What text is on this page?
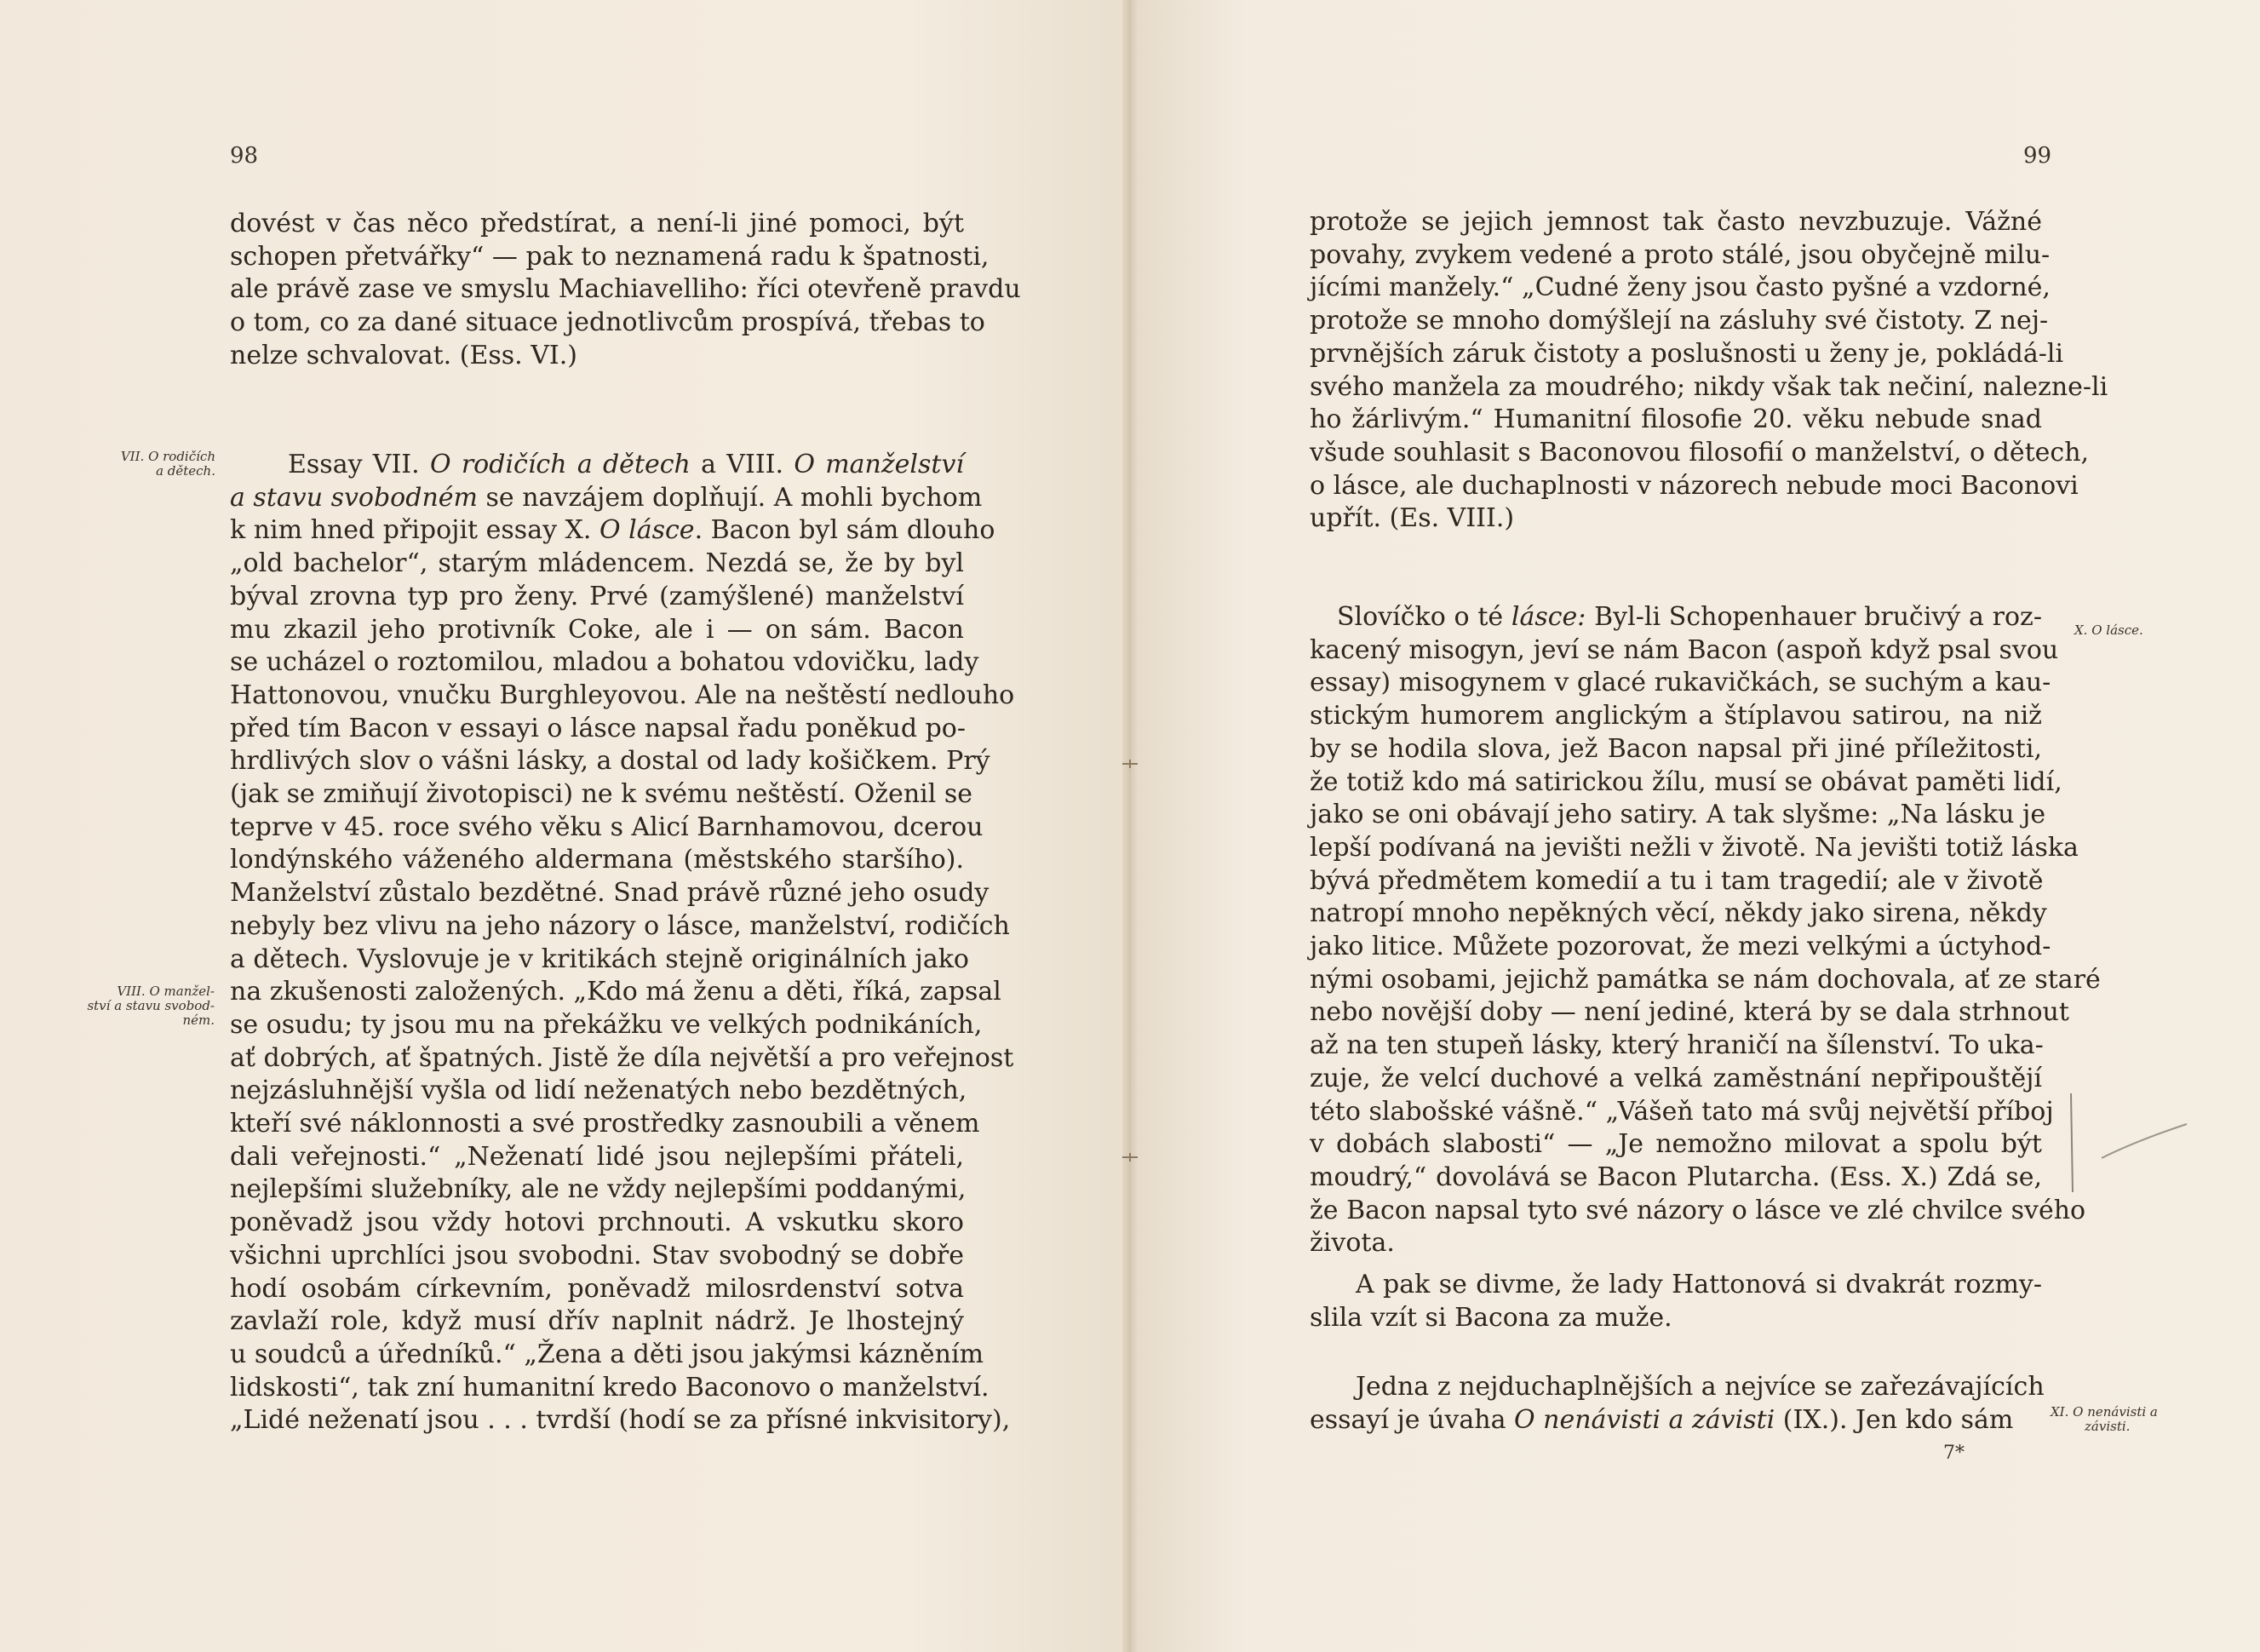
98
dovést v čas něco předstírat, a není-li jiné pomoci, být
schopen přetvářky“ — pak to neznamená radu k špatnosti,
ale právě zase ve smyslu Machiavelliho: říci otevřeně pravdu
o tom, co za dané situace jednotlivcům prospívá, třebas to
nelze schvalovat. (Ess. VI.)
VII. O rodičích
a dětech.	Essay VII. O rodičích a dětech a VIII. O manželství
a stavu svobodném se navzájem doplňují. A mohli bychom
k nim hned připojit essay X. O lásce. Bacon byl sám dlouho
„old bachelor“, starým mládencem. Nezdá se, že by byl
býval zrovna typ pro ženy. Prvé (zamýšlené) manželství
mu zkazil jeho protivník Coke, ale i — on sám. Bacon
se ucházel o roztomilou, mladou a bohatou vdovičku, lady
Hattonovou, vnučku Burghleyovou. Ale na neštěstí nedlouho
před tím Bacon v essayi o lásce napsal řadu poněkud po-
hrdlivých slov o vášni lásky, a dostal od lady košičkem. Prý
(jak se zmiňují životopisci) ne k svému neštěstí. Oženil se
teprve v 45. roce svého věku s Alicí Barnhamovou, dcerou
londýnského váženého aldermana (městského staršího).
Manželství zůstalo bezdětné. Snad právě různé jeho osudy
nebyly bez vlivu na jeho názory o lásce, manželství, rodičích
a dětech. Vyslovuje je v kritikách stejně originálních jako
na zkušenosti založených. „Kdo má ženu a děti, říká, zapsal
se osudu; ty jsou mu na překážku ve velkých podnikáních,
ať dobrých, ať špatných. Jistě že díla největší a pro veřejnost
nejzásluhnější vyšla od lidí neženatých nebo bezdětných,
kteří své náklonnosti a své prostředky zasnoubili a věnem
dali veřejnosti.“ „Neženatí lidé jsou nejlepšími přáteli,
nejlepšími služebníky, ale ne vždy nejlepšími poddanými,
poněvadž jsou vždy hotovi prchnouti. A vskutku skoro
všichni uprchlíci jsou svobodni. Stav svobodný se dobře
hodí osobám církevním, poněvadž milosrdenství sotva
zavlaží role, když musí dřív naplnit nádrž. Je lhostejný
u soudců a úředníků.“ „Žena a děti jsou jakýmsi kázněním
lidskosti“, tak zní humanitní kredo Baconovo o manželství.
„Lidé neženatí jsou . . . tvrdší (hodí se za přísné inkvisitory),
VIII. O manžel-
ství a stavu svobod-
ném.
99
protože se jejich jemnost tak často nevzbuzuje. Vážné
povahy, zvykem vedené a proto stálé, jsou obyčejně milu-
jícími manžely.“ „Cudné ženy jsou často pyšné a vzdorné,
protože se mnoho domýšlejí na zásluhy své čistoty. Z nej-
prvnějších záruk čistoty a poslušnosti u ženy je, pokládá-li
svého manžela za moudrého; nikdy však tak nečiní, nalezne-li
ho žárlivým.“ Humanitní filosofie 20. věku nebude snad
všude souhlasit s Baconovou filosofií o manželství, o dětech,
o lásce, ale duchaplnosti v názorech nebude moci Baconovi
upřít. (Es. VIII.)
Slovíčko o té lásce: Byl-li Schopenhauer bručivý a roz-
kacený misogyn, jeví se nám Bacon (aspoň když psal svou
essay) misogynem v glacé rukavičkách, se suchým a kau-
stickým humorem anglickým a štíplavou satirou, na niž
by se hodila slova, jež Bacon napsal při jiné příležitosti,
že totiž kdo má satirickou žílu, musí se obávat paměti lidí,
jako se oni obávají jeho satiry. A tak slyšme: „Na lásku je
lepší podívaná na jevišti nežli v životě. Na jevišti totiž láska
bývá předmětem komedií a tu i tam tragedií; ale v životě
natropí mnoho nepěkných věcí, někdy jako sirena, někdy
jako litice. Můžete pozorovat, že mezi velkými a úctyhod-
nými osobami, jejichž památka se nám dochovala, ať ze staré
nebo novější doby — není jediné, která by se dala strhnout
až na ten stupeň lásky, který hraničí na šílenství. To uka-
zuje, že velcí duchové a velká zaměstnání nepřipouštějí
této slabošské vášně.“ „Vášeň tato má svůj největší příboj
v dobách slabosti“ — „Je nemožno milovat a spolu být
moudrý,“ dovolává se Bacon Plutarcha. (Ess. X.) Zdá se,
že Bacon napsal tyto své názory o lásce ve zlé chvilce svého
života.
A pak se divme, že lady Hattonová si dvakrát rozmy-
slila vzít si Bacona za muže.
Jedna z nejduchaplnějších a nejvíce se zařezávajících
essayí je úvaha O nenávisti a závisti (IX.). Jen kdo sám
X. O lásce.
XI. O nenávisti a
závisti.
7*
